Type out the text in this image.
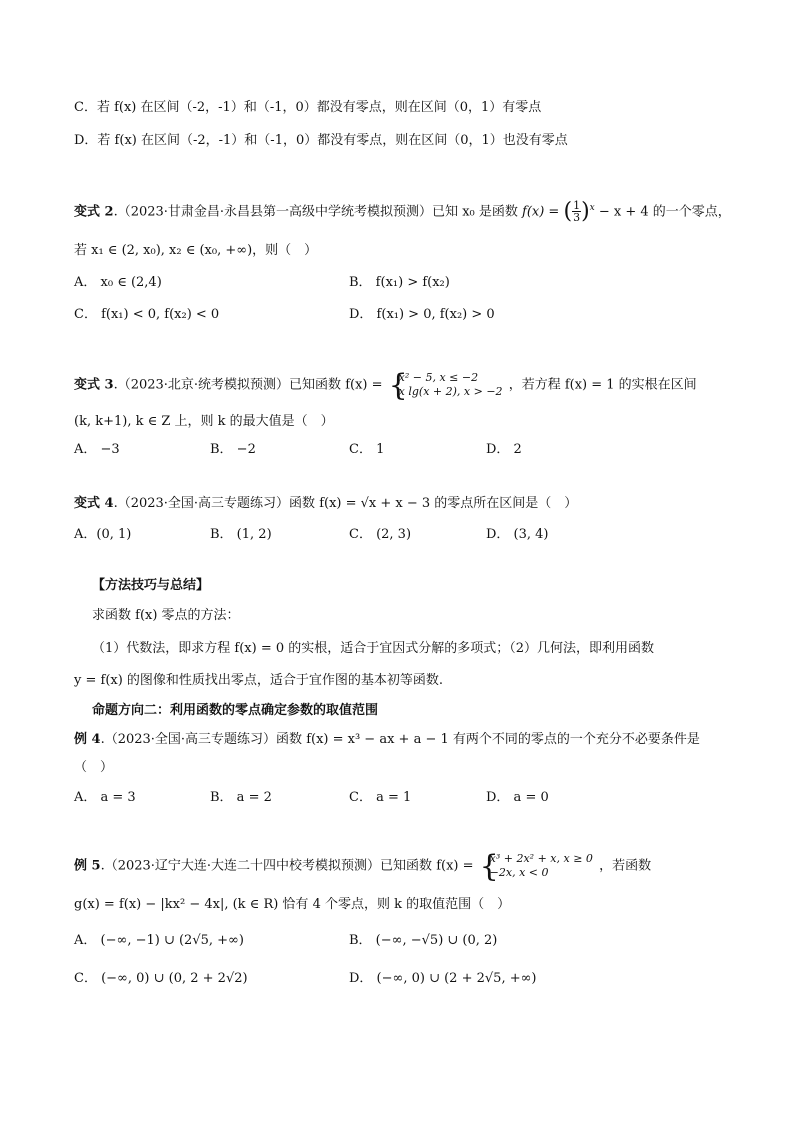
C．若 f(x) 在区间（-2，-1）和（-1，0）都没有零点，则在区间（0，1）有零点
D．若 f(x) 在区间（-2，-1）和（-1，0）都没有零点，则在区间（0，1）也没有零点
变式 2.（2023·甘肃金昌·永昌县第一高级中学统考模拟预测）已知 x₀ 是函数 f(x) = ( $\frac{1}{3} )^x - x + 4$ 的一个零点，
若 x₁ ∈ (2, x₀), x₂ ∈ (x₀, +∞)，则（　）
A． x₀ ∈ (2,4)	B． f(x₁) > f(x₂)
C． f(x₁) < 0, f(x₂) < 0	D． f(x₁) > 0, f(x₂) > 0
变式 3.（2023·北京·统考模拟预测）已知函数 f(x) = {
x² − 5, x ≤ −2
x lg(x + 2), x > −2 ，若方程 f(x) = 1 的实根在区间
(k, k+1), k ∈ Z 上，则 k 的最大值是（　）
A． −3	B． −2	C． 1	D． 2
变式 4.（2023·全国·高三专题练习）函数 f(x) = √x + x − 3 的零点所在区间是（　）
A．(0, 1)	B． (1, 2)	C． (2, 3)	D． (3, 4)
【方法技巧与总结】
求函数 f(x) 零点的方法：
（1）代数法，即求方程 f(x) = 0 的实根，适合于宜因式分解的多项式；（2）几何法，即利用函数
y = f(x) 的图像和性质找出零点，适合于宜作图的基本初等函数.
命题方向二：利用函数的零点确定参数的取值范围
例 4.（2023·全国·高三专题练习）函数 f(x) = x³ − ax + a − 1 有两个不同的零点的一个充分不必要条件是
（　）
A． a = 3	B． a = 2	C． a = 1	D． a = 0
例 5.（2023·辽宁大连·大连二十四中校考模拟预测）已知函数 f(x) = {
x³ + 2x² + x, x ≥ 0
−2x, x < 0	，若函数
g(x) = f(x) − |kx² − 4x|, (k ∈ R) 恰有 4 个零点，则 k 的取值范围（　）
A． (−∞, −1) ∪ (2√5, +∞)	B． (−∞, −√5) ∪ (0, 2)
C． (−∞, 0) ∪ (0, 2 + 2√2)	D． (−∞, 0) ∪ (2 + 2√5, +∞)
